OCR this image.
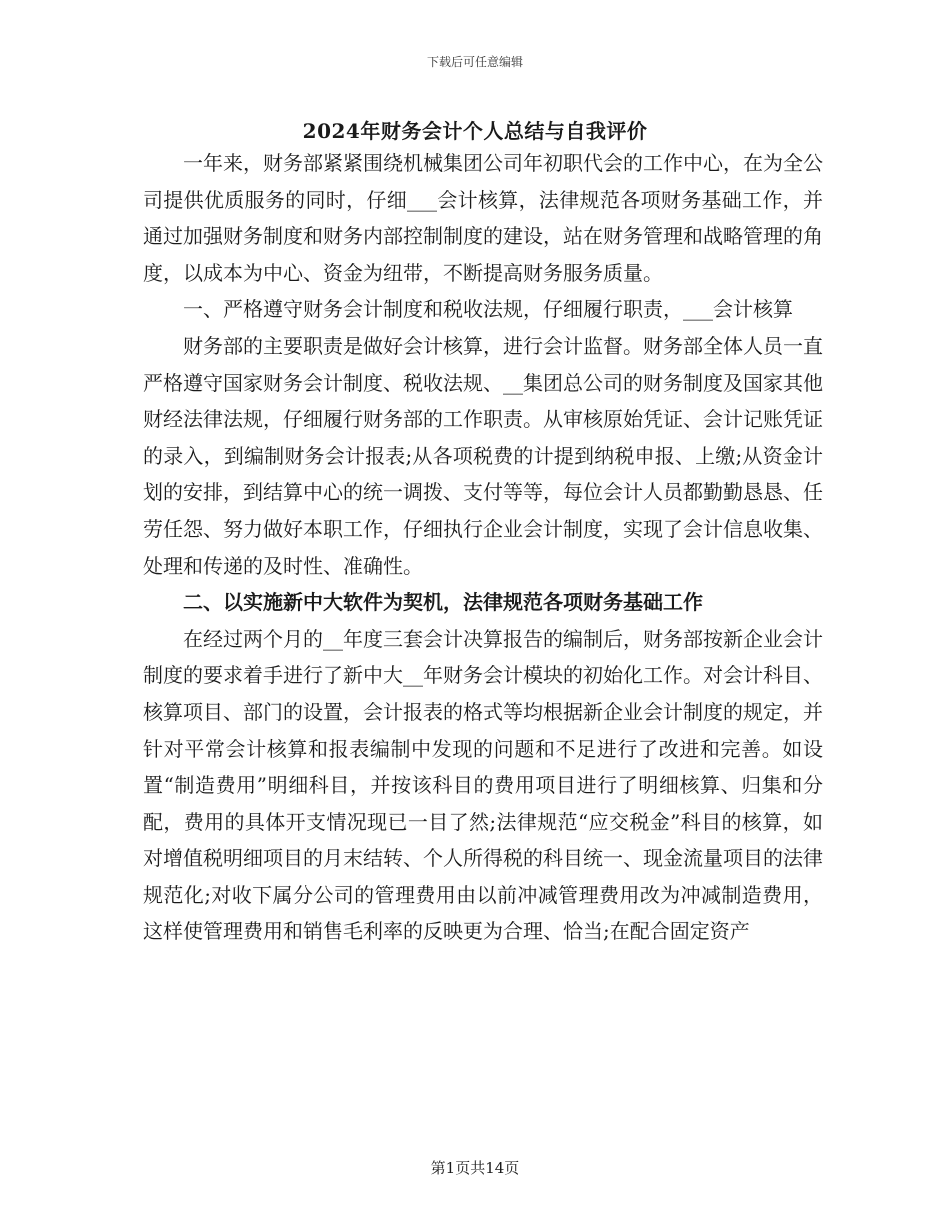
下载后可任意编辑
2024年财务会计个人总结与自我评价

一年来，财务部紧紧围绕机械集团公司年初职代会的工作中心，在为全公司提供优质服务的同时，仔细___会计核算，法律规范各项财务基础工作，并通过加强财务制度和财务内部控制制度的建设，站在财务管理和战略管理的角度，以成本为中心、资金为纽带，不断提高财务服务质量。

一、严格遵守财务会计制度和税收法规，仔细履行职责，___会计核算

财务部的主要职责是做好会计核算，进行会计监督。财务部全体人员一直严格遵守国家财务会计制度、税收法规、__集团总公司的财务制度及国家其他财经法律法规，仔细履行财务部的工作职责。从审核原始凭证、会计记账凭证的录入，到编制财务会计报表;从各项税费的计提到纳税申报、上缴;从资金计划的安排，到结算中心的统一调拨、支付等等，每位会计人员都勤勤恳恳、任劳任怨、努力做好本职工作，仔细执行企业会计制度，实现了会计信息收集、处理和传递的及时性、准确性。

二、以实施新中大软件为契机，法律规范各项财务基础工作

在经过两个月的__年度三套会计决算报告的编制后，财务部按新企业会计制度的要求着手进行了新中大__年财务会计模块的初始化工作。对会计科目、核算项目、部门的设置，会计报表的格式等均根据新企业会计制度的规定，并针对平常会计核算和报表编制中发现的问题和不足进行了改进和完善。如设置“制造费用”明细科目，并按该科目的费用项目进行了明细核算、归集和分配，费用的具体开支情况现已一目了然;法律规范“应交税金”科目的核算，如对增值税明细项目的月末结转、个人所得税的科目统一、现金流量项目的法律规范化;对收下属分公司的管理费用由以前冲减管理费用改为冲减制造费用，这样使管理费用和销售毛利率的反映更为合理、恰当;在配合固定资产

第1页共14页
